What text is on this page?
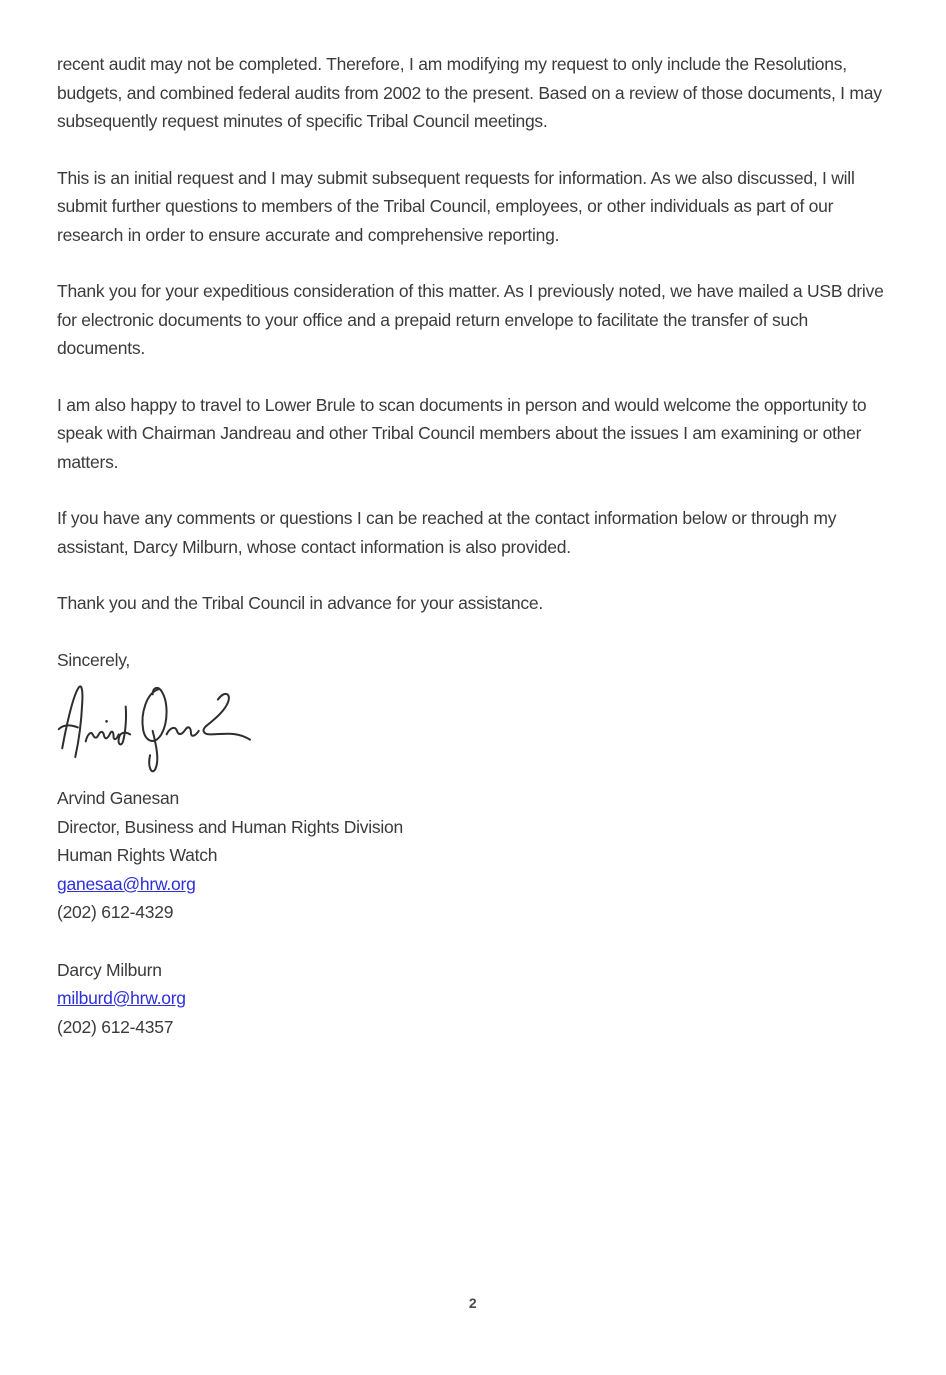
recent audit may not be completed. Therefore, I am modifying my request to only include the Resolutions, budgets, and combined federal audits from 2002 to the present. Based on a review of those documents, I may subsequently request minutes of specific Tribal Council meetings.

This is an initial request and I may submit subsequent requests for information. As we also discussed, I will submit further questions to members of the Tribal Council, employees, or other individuals as part of our research in order to ensure accurate and comprehensive reporting.

Thank you for your expeditious consideration of this matter. As I previously noted, we have mailed a USB drive for electronic documents to your office and a prepaid return envelope to facilitate the transfer of such documents.

I am also happy to travel to Lower Brule to scan documents in person and would welcome the opportunity to speak with Chairman Jandreau and other Tribal Council members about the issues I am examining or other matters.

If you have any comments or questions I can be reached at the contact information below or through my assistant, Darcy Milburn, whose contact information is also provided.

Thank you and the Tribal Council in advance for your assistance.

Sincerely,

Arvind Ganesan
Director, Business and Human Rights Division
Human Rights Watch
ganesaa@hrw.org
(202) 612-4329
Darcy Milburn
milburd@hrw.org
(202) 612-4357
2
